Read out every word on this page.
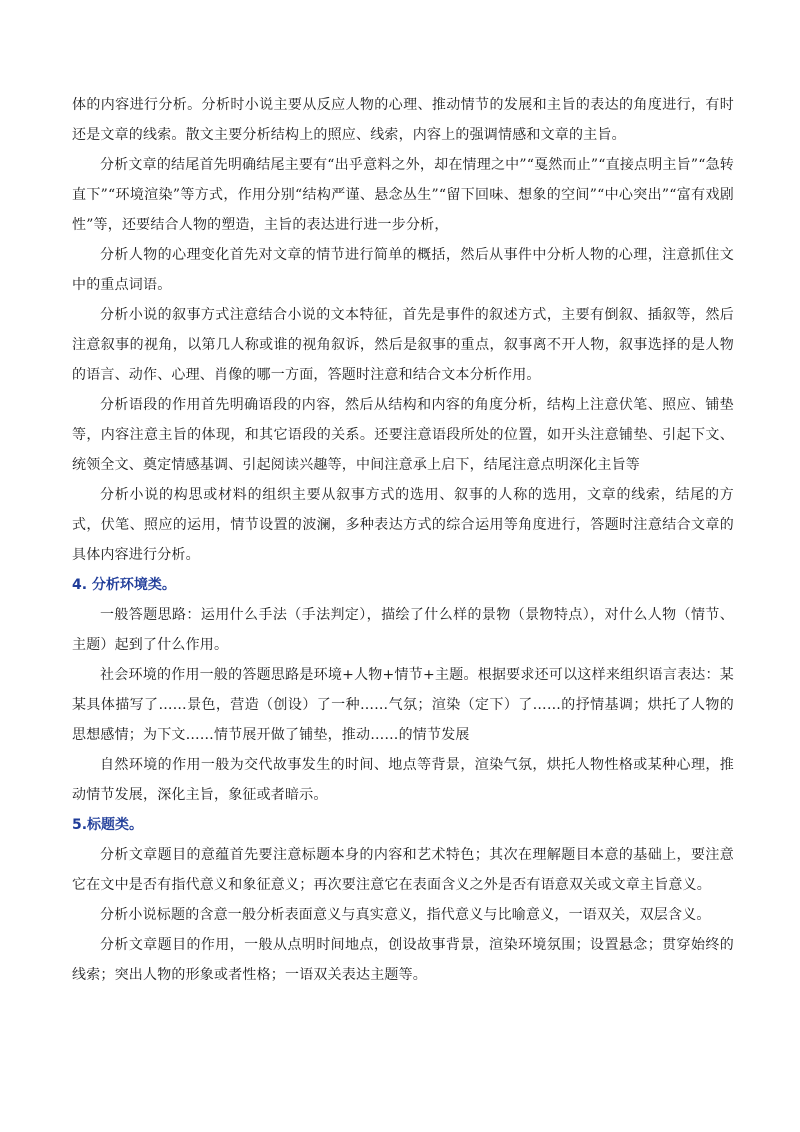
体的内容进行分析。分析时小说主要从反应人物的心理、推动情节的发展和主旨的表达的角度进行，有时还是文章的线索。散文主要分析结构上的照应、线索，内容上的强调情感和文章的主旨。

分析文章的结尾首先明确结尾主要有“出乎意料之外，却在情理之中”“戛然而止”“直接点明主旨”“急转直下”“环境渲染”等方式，作用分别“结构严谨、悬念丛生”“留下回味、想象的空间”“中心突出”“富有戏剧性”等，还要结合人物的塑造，主旨的表达进行进一步分析，

分析人物的心理变化首先对文章的情节进行简单的概括，然后从事件中分析人物的心理，注意抓住文中的重点词语。

分析小说的叙事方式注意结合小说的文本特征，首先是事件的叙述方式，主要有倒叙、插叙等，然后注意叙事的视角，以第几人称或谁的视角叙诉，然后是叙事的重点，叙事离不开人物，叙事选择的是人物的语言、动作、心理、肖像的哪一方面，答题时注意和结合文本分析作用。

分析语段的作用首先明确语段的内容，然后从结构和内容的角度分析，结构上注意伏笔、照应、铺垫等，内容注意主旨的体现，和其它语段的关系。还要注意语段所处的位置，如开头注意铺垫、引起下文、统领全文、奠定情感基调、引起阅读兴趣等，中间注意承上启下，结尾注意点明深化主旨等

分析小说的构思或材料的组织主要从叙事方式的选用、叙事的人称的选用，文章的线索，结尾的方式，伏笔、照应的运用，情节设置的波澜，多种表达方式的综合运用等角度进行，答题时注意结合文章的具体内容进行分析。

4. 分析环境类。

一般答题思路：运用什么手法（手法判定），描绘了什么样的景物（景物特点），对什么人物（情节、主题）起到了什么作用。

社会环境的作用一般的答题思路是环境+人物+情节+主题。根据要求还可以这样来组织语言表达：某某具体描写了……景色，营造（创设）了一种……气氛；渲染（定下）了……的抒情基调；烘托了人物的思想感情；为下文……情节展开做了铺垫，推动……的情节发展

自然环境的作用一般为交代故事发生的时间、地点等背景，渲染气氛，烘托人物性格或某种心理，推动情节发展，深化主旨，象征或者暗示。

5.标题类。

分析文章题目的意蕴首先要注意标题本身的内容和艺术特色；其次在理解题目本意的基础上，要注意它在文中是否有指代意义和象征意义；再次要注意它在表面含义之外是否有语意双关或文章主旨意义。

分析小说标题的含意一般分析表面意义与真实意义，指代意义与比喻意义，一语双关，双层含义。

分析文章题目的作用，一般从点明时间地点，创设故事背景，渲染环境氛围；设置悬念；贯穿始终的线索；突出人物的形象或者性格；一语双关表达主题等。
